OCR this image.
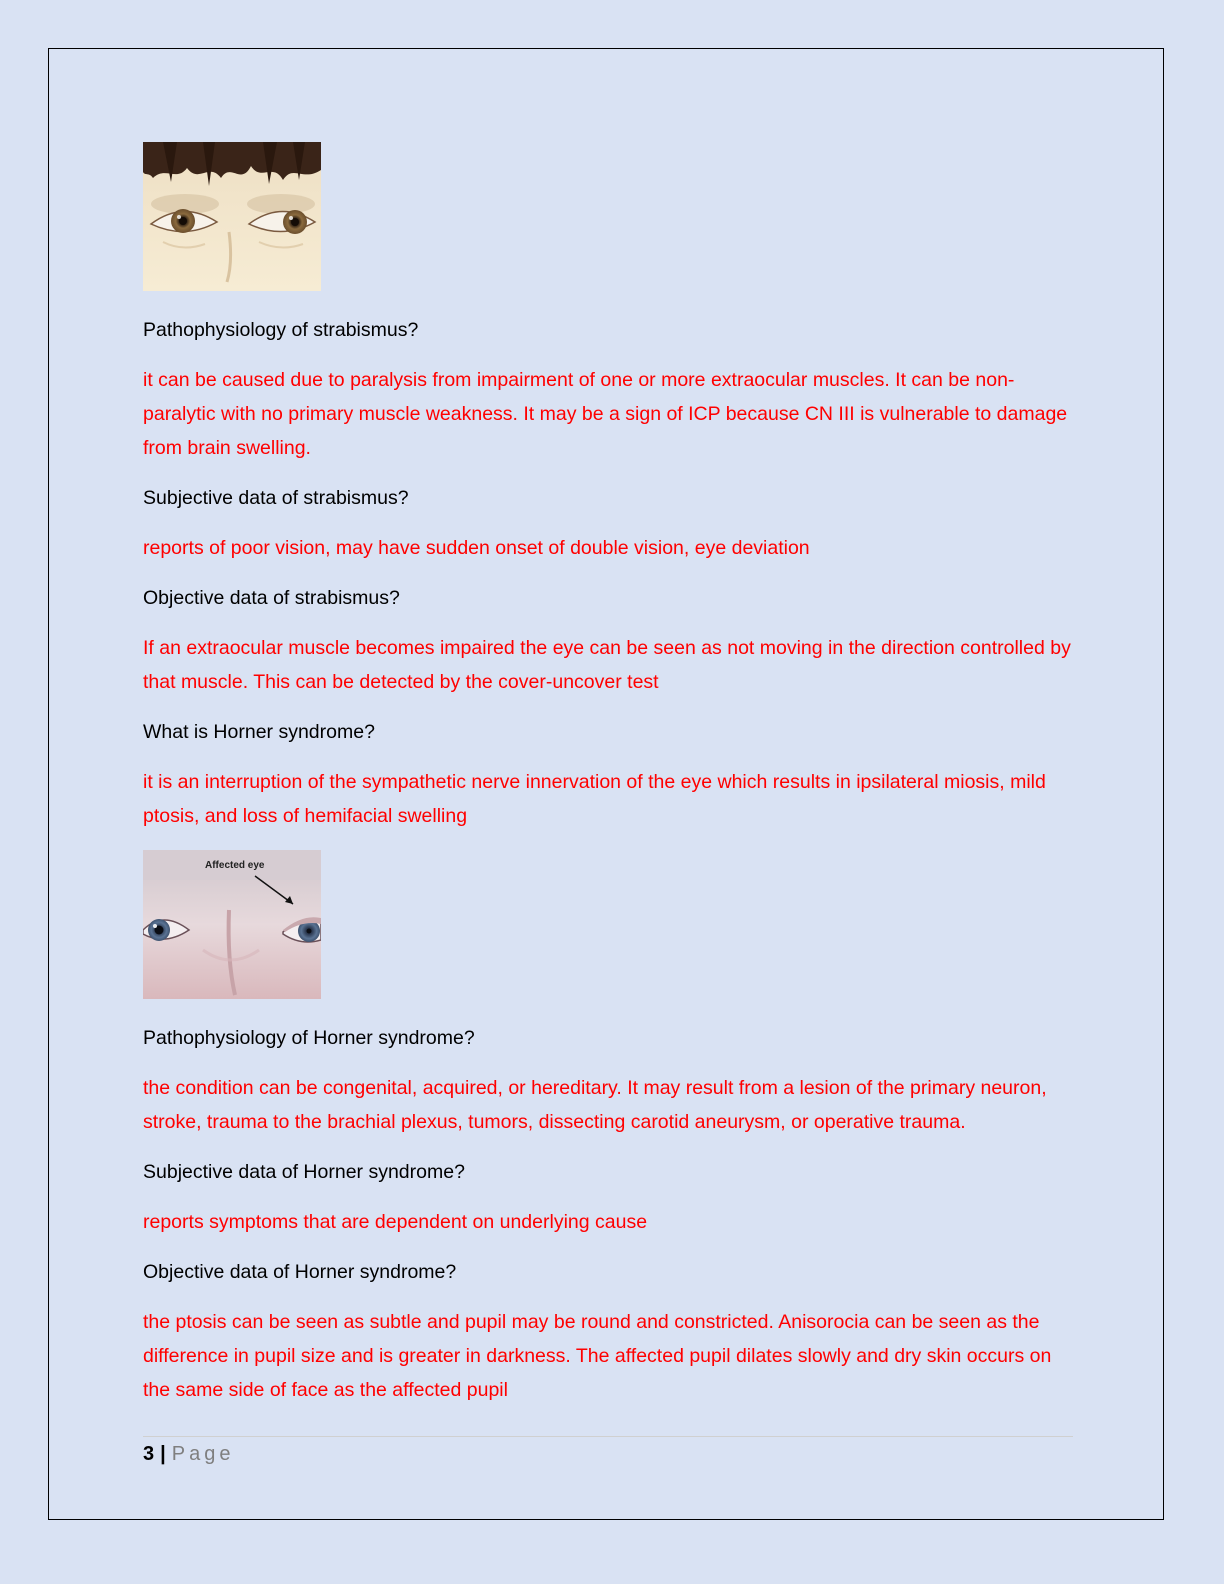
Pathophysiology of strabismus?

it can be caused due to paralysis from impairment of one or more extraocular muscles. It can be non-paralytic with no primary muscle weakness. It may be a sign of ICP because CN III is vulnerable to damage from brain swelling.

Subjective data of strabismus?

reports of poor vision, may have sudden onset of double vision, eye deviation

Objective data of strabismus?

If an extraocular muscle becomes impaired the eye can be seen as not moving in the direction controlled by that muscle. This can be detected by the cover-uncover test

What is Horner syndrome?

it is an interruption of the sympathetic nerve innervation of the eye which results in ipsilateral miosis, mild ptosis, and loss of hemifacial swelling

Affected eye

Pathophysiology of Horner syndrome?

the condition can be congenital, acquired, or hereditary. It may result from a lesion of the primary neuron, stroke, trauma to the brachial plexus, tumors, dissecting carotid aneurysm, or operative trauma.

Subjective data of Horner syndrome?

reports symptoms that are dependent on underlying cause

Objective data of Horner syndrome?

the ptosis can be seen as subtle and pupil may be round and constricted. Anisorocia can be seen as the difference in pupil size and is greater in darkness. The affected pupil dilates slowly and dry skin occurs on the same side of face as the affected pupil

3 | Page
